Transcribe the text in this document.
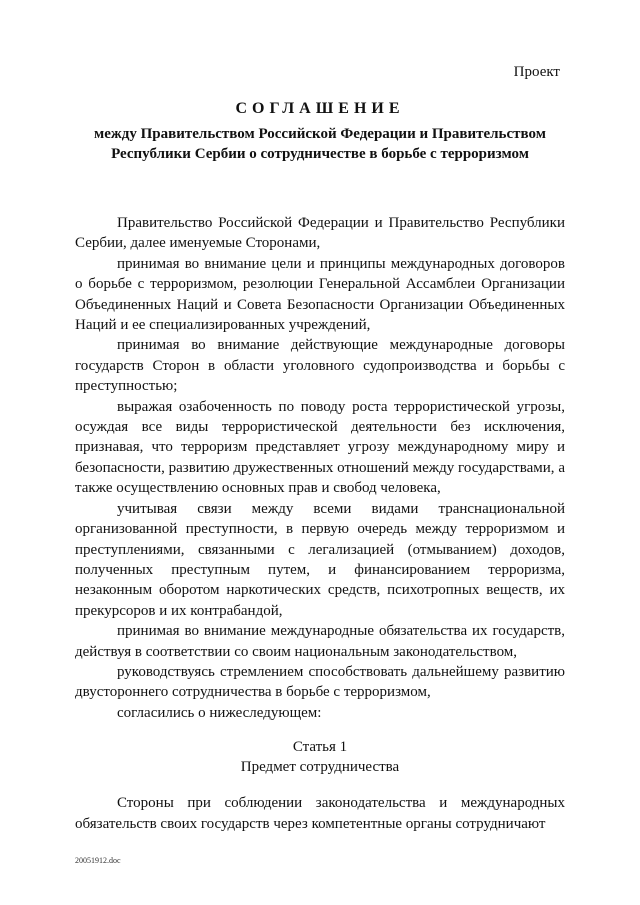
Проект
СОГЛАШЕНИЕ
между Правительством Российской Федерации и Правительством Республики Сербии о сотрудничестве в борьбе с терроризмом

Правительство Российской Федерации и Правительство Республики Сербии, далее именуемые Сторонами,

принимая во внимание цели и принципы международных договоров о борьбе с терроризмом, резолюции Генеральной Ассамблеи Организации Объединенных Наций и Совета Безопасности Организации Объединенных Наций и ее специализированных учреждений,

принимая во внимание действующие международные договоры государств Сторон в области уголовного судопроизводства и борьбы с преступностью;

выражая озабоченность по поводу роста террористической угрозы, осуждая все виды террористической деятельности без исключения, признавая, что терроризм представляет угрозу международному миру и безопасности, развитию дружественных отношений между государствами, а также осуществлению основных прав и свобод человека,

учитывая связи между всеми видами транснациональной организованной преступности, в первую очередь между терроризмом и преступлениями, связанными с легализацией (отмыванием) доходов, полученных преступным путем, и финансированием терроризма, незаконным оборотом наркотических средств, психотропных веществ, их прекурсоров и их контрабандой,

принимая во внимание международные обязательства их государств, действуя в соответствии со своим национальным законодательством,

руководствуясь стремлением способствовать дальнейшему развитию двустороннего сотрудничества в борьбе с терроризмом,

согласились о нижеследующем:

Статья 1
Предмет сотрудничества

Стороны при соблюдении законодательства и международных обязательств своих государств через компетентные органы сотрудничают

20051912.doc
